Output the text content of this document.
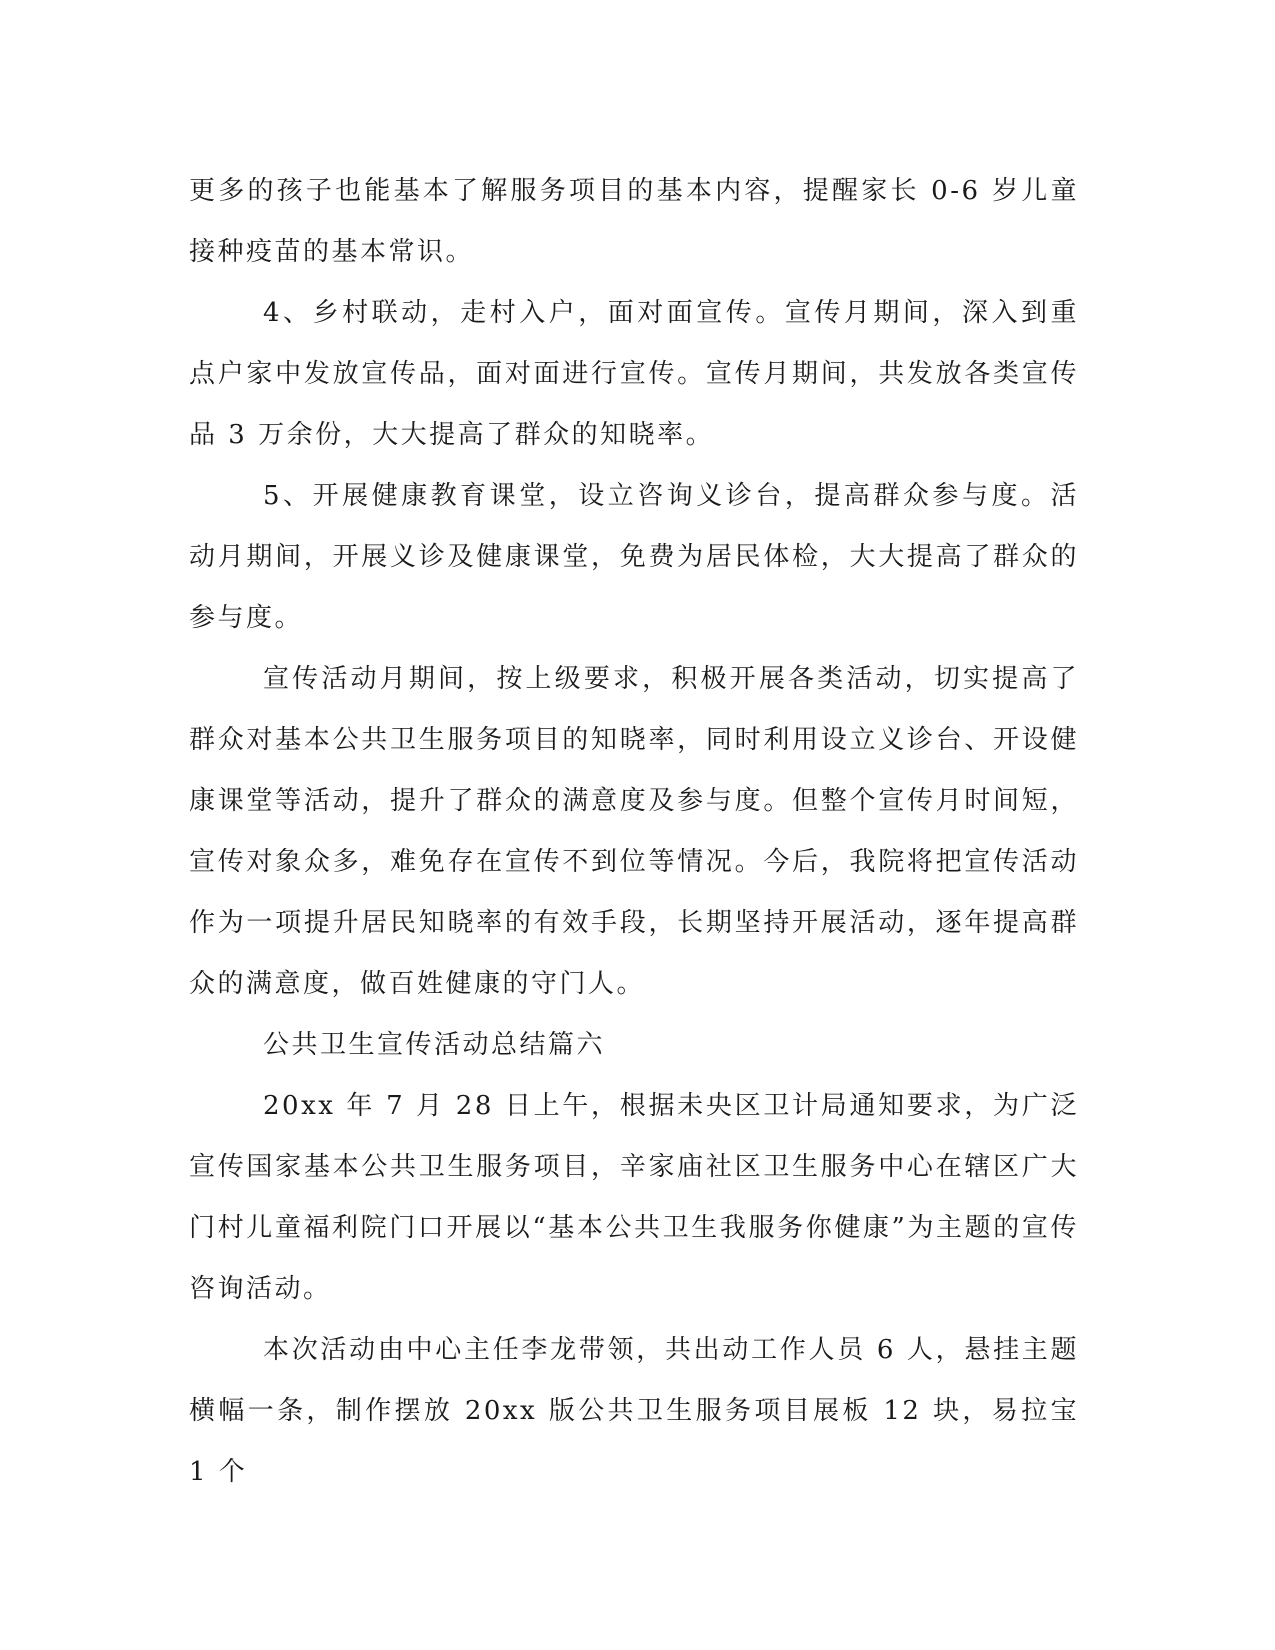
更多的孩子也能基本了解服务项目的基本内容，提醒家长 0-6 岁儿童接种疫苗的基本常识。

4、乡村联动，走村入户，面对面宣传。宣传月期间，深入到重点户家中发放宣传品，面对面进行宣传。宣传月期间，共发放各类宣传品 3 万余份，大大提高了群众的知晓率。

5、开展健康教育课堂，设立咨询义诊台，提高群众参与度。活动月期间，开展义诊及健康课堂，免费为居民体检，大大提高了群众的参与度。

宣传活动月期间，按上级要求，积极开展各类活动，切实提高了群众对基本公共卫生服务项目的知晓率，同时利用设立义诊台、开设健康课堂等活动，提升了群众的满意度及参与度。但整个宣传月时间短，宣传对象众多，难免存在宣传不到位等情况。今后，我院将把宣传活动作为一项提升居民知晓率的有效手段，长期坚持开展活动，逐年提高群众的满意度，做百姓健康的守门人。

公共卫生宣传活动总结篇六

20xx 年 7 月 28 日上午，根据未央区卫计局通知要求，为广泛宣传国家基本公共卫生服务项目，辛家庙社区卫生服务中心在辖区广大门村儿童福利院门口开展以“基本公共卫生我服务你健康”为主题的宣传咨询活动。

本次活动由中心主任李龙带领，共出动工作人员 6 人，悬挂主题横幅一条，制作摆放 20xx 版公共卫生服务项目展板 12 块，易拉宝 1 个
